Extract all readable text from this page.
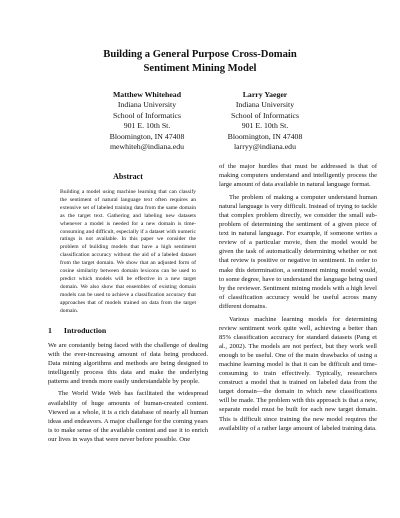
Building a General Purpose Cross-Domain
Sentiment Mining Model
Matthew Whitehead
Indiana University
School of Informatics
901 E. 10th St.
Bloomington, IN 47408
mewhiteh@indiana.edu
Larry Yaeger
Indiana University
School of Informatics
901 E. 10th St.
Bloomington, IN 47408
larryy@indiana.edu
Abstract
Building a model using machine learning that can classify the sentiment of natural language text often requires an extensive set of labeled training data from the same domain as the target text. Gathering and labeling new datasets whenever a model is needed for a new domain is time-consuming and difficult, especially if a dataset with numeric ratings is not available. In this paper we consider the problem of building models that have a high sentiment classification accuracy without the aid of a labeled dataset from the target domain. We show that an adjusted form of cosine similarity between domain lexicons can be used to predict which models will be effective in a new target domain. We also show that ensembles of existing domain models can be used to achieve a classification accuracy that approaches that of models trained on data from the target domain.
1 Introduction

We are constantly being faced with the challenge of dealing with the ever-increasing amount of data being produced. Data mining algorithms and methods are being designed to intelligently process this data and make the underlying patterns and trends more easily understandable by people.

The World Wide Web has facilitated the widespread availability of huge amounts of human-created content. Viewed as a whole, it is a rich database of nearly all human ideas and endeavors. A major challenge for the coming years is to make sense of the available content and use it to enrich our lives in ways that were never before possible. One

of the major hurdles that must be addressed is that of making computers understand and intelligently process the large amount of data available in natural language format.

The problem of making a computer understand human natural language is very difficult. Instead of trying to tackle that complex problem directly, we consider the small sub-problem of determining the sentiment of a given piece of text in natural language. For example, if someone writes a review of a particular movie, then the model would be given the task of automatically determining whether or not that review is positive or negative in sentiment. In order to make this determination, a sentiment mining model would, to some degree, have to understand the language being used by the reviewer. Sentiment mining models with a high level of classification accuracy would be useful across many different domains.

Various machine learning models for determining review sentiment work quite well, achieving a better than 85% classification accuracy for standard datasets (Pang et al., 2002). The models are not perfect, but they work well enough to be useful. One of the main drawbacks of using a machine learning model is that it can be difficult and time-consuming to train effectively. Typically, researchers construct a model that is trained on labeled data from the target domain—the domain in which new classifications will be made. The problem with this approach is that a new, separate model must be built for each new target domain. This is difficult since training the new model requires the availability of a rather large amount of labeled training data.
